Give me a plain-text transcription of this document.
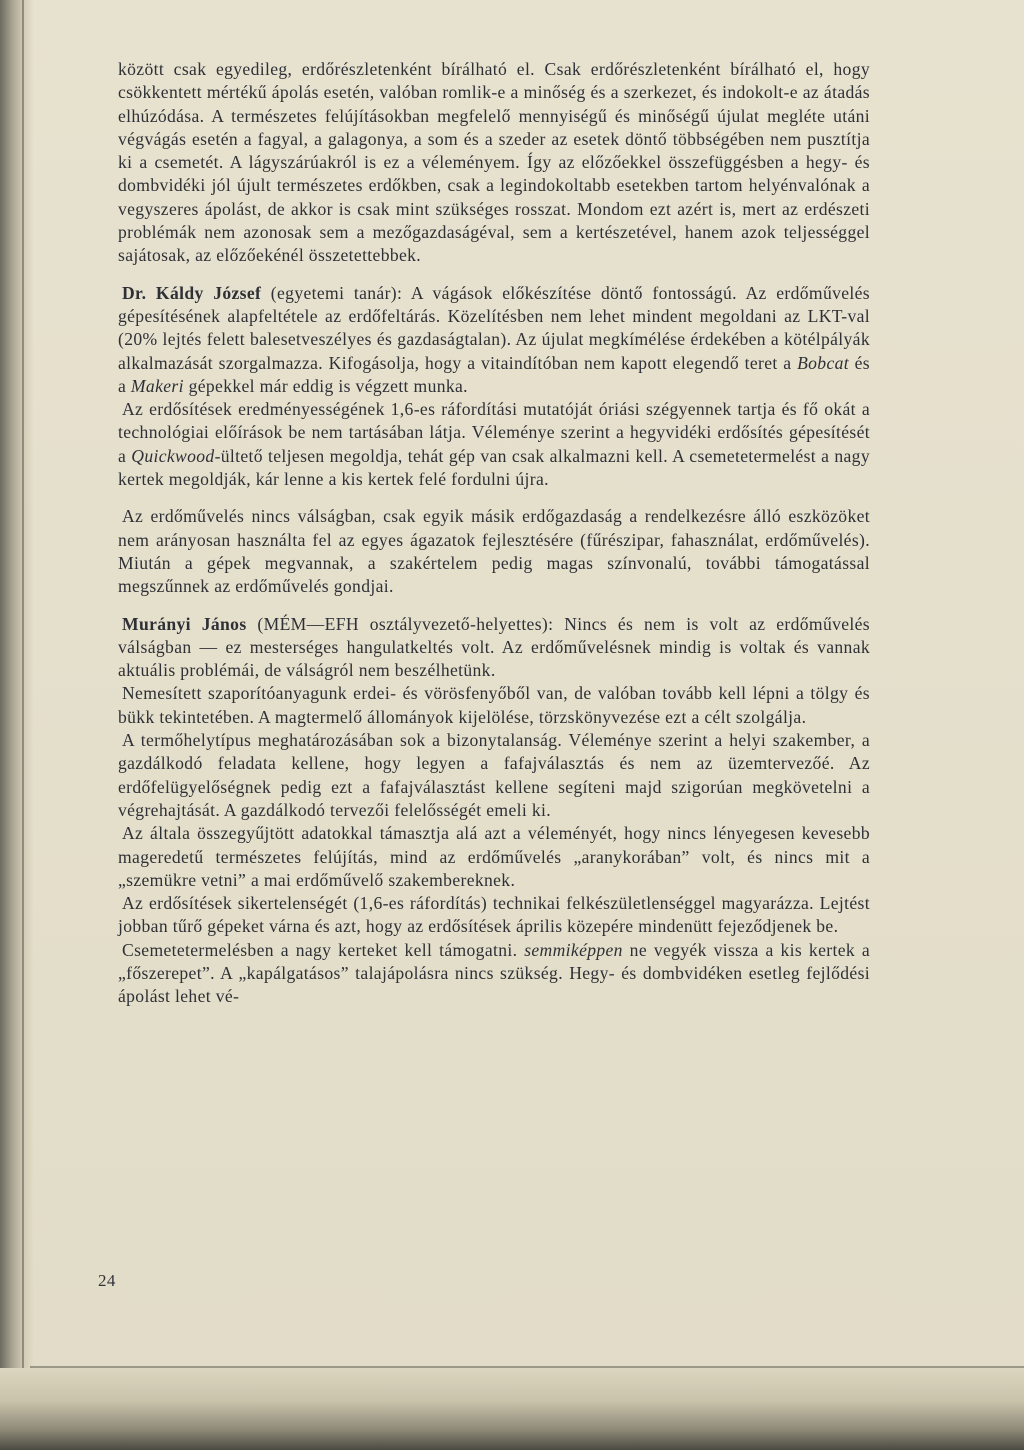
között csak egyedileg, erdőrészletenként bírálható el. Csak erdőrészletenként bírálható el, hogy csökkentett mértékű ápolás esetén, valóban romlik-e a minőség és a szerkezet, és indokolt-e az átadás elhúzódása. A természetes felújításokban megfelelő mennyiségű és minőségű újulat megléte utáni végvágás esetén a fagyal, a galagonya, a som és a szeder az esetek döntő többségében nem pusztítja ki a csemetét. A lágyszárúakról is ez a véleményem. Így az előzőekkel összefüggésben a hegy- és dombvidéki jól újult természetes erdőkben, csak a legindokoltabb esetekben tartom helyénvalónak a vegyszeres ápolást, de akkor is csak mint szükséges rosszat. Mondom ezt azért is, mert az erdészeti problémák nem azonosak sem a mezőgazdaságéval, sem a kertészetével, hanem azok teljességgel sajátosak, az előzőekénél összetettebbek.

Dr. Káldy József (egyetemi tanár): A vágások előkészítése döntő fontosságú. Az erdőművelés gépesítésének alapfeltétele az erdőfeltárás. Közelítésben nem lehet mindent megoldani az LKT-val (20% lejtés felett balesetveszélyes és gazdaságtalan). Az újulat megkímélése érdekében a kötélpályák alkalmazását szorgalmazza. Kifogásolja, hogy a vitaindítóban nem kapott elegendő teret a Bobcat és a Makeri gépekkel már eddig is végzett munka.

Az erdősítések eredményességének 1,6-es ráfordítási mutatóját óriási szégyennek tartja és fő okát a technológiai előírások be nem tartásában látja. Véleménye szerint a hegyvidéki erdősítés gépesítését a Quickwood-ültető teljesen megoldja, tehát gép van csak alkalmazni kell. A csemetetermelést a nagy kertek megoldják, kár lenne a kis kertek felé fordulni újra.

Az erdőművelés nincs válságban, csak egyik másik erdőgazdaság a rendelkezésre álló eszközöket nem arányosan használta fel az egyes ágazatok fejlesztésére (fűrészipar, fahasználat, erdőművelés). Miután a gépek megvannak, a szakértelem pedig magas színvonalú, további támogatással megszűnnek az erdőművelés gondjai.

Murányi János (MÉM—EFH osztályvezető-helyettes): Nincs és nem is volt az erdőművelés válságban — ez mesterséges hangulatkeltés volt. Az erdőművelésnek mindig is voltak és vannak aktuális problémái, de válságról nem beszélhetünk.

Nemesített szaporítóanyagunk erdei- és vörösfenyőből van, de valóban tovább kell lépni a tölgy és bükk tekintetében. A magtermelő állományok kijelölése, törzskönyvezése ezt a célt szolgálja.

A termőhelytípus meghatározásában sok a bizonytalanság. Véleménye szerint a helyi szakember, a gazdálkodó feladata kellene, hogy legyen a fafajválasztás és nem az üzemtervezőé. Az erdőfelügyelőségnek pedig ezt a fafajválasztást kellene segíteni majd szigorúan megkövetelni a végrehajtását. A gazdálkodó tervezői felelősségét emeli ki.

Az általa összegyűjtött adatokkal támasztja alá azt a véleményét, hogy nincs lényegesen kevesebb mageredetű természetes felújítás, mind az erdőművelés „aranykorában” volt, és nincs mit a „szemükre vetni” a mai erdőművelő szakembereknek.

Az erdősítések sikertelenségét (1,6-es ráfordítás) technikai felkészületlenséggel magyarázza. Lejtést jobban tűrő gépeket várna és azt, hogy az erdősítések április közepére mindenütt fejeződjenek be.

Csemetetermelésben a nagy kerteket kell támogatni. semmiképpen ne vegyék vissza a kis kertek a „főszerepet”. A „kapálgatásos” talajápolásra nincs szükség. Hegy- és dombvidéken esetleg fejlődési ápolást lehet vé-

24
